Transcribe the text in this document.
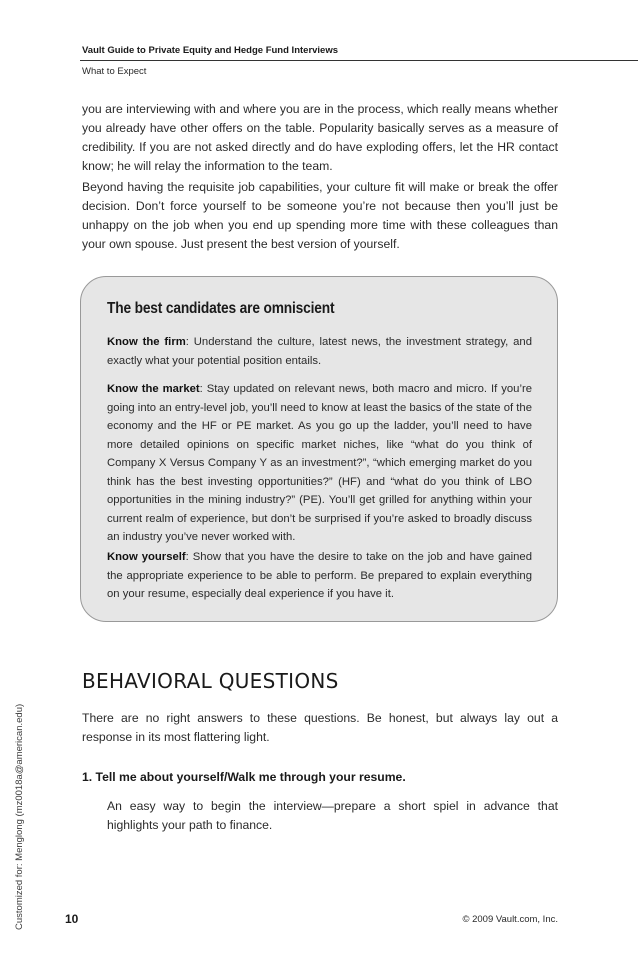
Vault Guide to Private Equity and Hedge Fund Interviews
What to Expect
Customized for: Menglong (mz0018a@american.edu)
you are interviewing with and where you are in the process, which really means whether you already have other offers on the table. Popularity basically serves as a measure of credibility. If you are not asked directly and do have exploding offers, let the HR contact know; he will relay the information to the team.
Beyond having the requisite job capabilities, your culture fit will make or break the offer decision. Don’t force yourself to be someone you’re not because then you’ll just be unhappy on the job when you end up spending more time with these colleagues than your own spouse. Just present the best version of yourself.
The best candidates are omniscient
Know the firm: Understand the culture, latest news, the investment strategy, and exactly what your potential position entails.
Know the market: Stay updated on relevant news, both macro and micro. If you’re going into an entry-level job, you’ll need to know at least the basics of the state of the economy and the HF or PE market. As you go up the ladder, you’ll need to have more detailed opinions on specific market niches, like “what do you think of Company X Versus Company Y as an investment?”, “which emerging market do you think has the best investing opportunities?” (HF) and “what do you think of LBO opportunities in the mining industry?” (PE). You’ll get grilled for anything within your current realm of experience, but don’t be surprised if you’re asked to broadly discuss an industry you’ve never worked with.
Know yourself: Show that you have the desire to take on the job and have gained the appropriate experience to be able to perform. Be prepared to explain everything on your resume, especially deal experience if you have it.
BEHAVIORAL QUESTIONS
There are no right answers to these questions. Be honest, but always lay out a response in its most flattering light.
1. Tell me about yourself/Walk me through your resume.
An easy way to begin the interview—prepare a short spiel in advance that highlights your path to finance.
10	© 2009 Vault.com, Inc.
